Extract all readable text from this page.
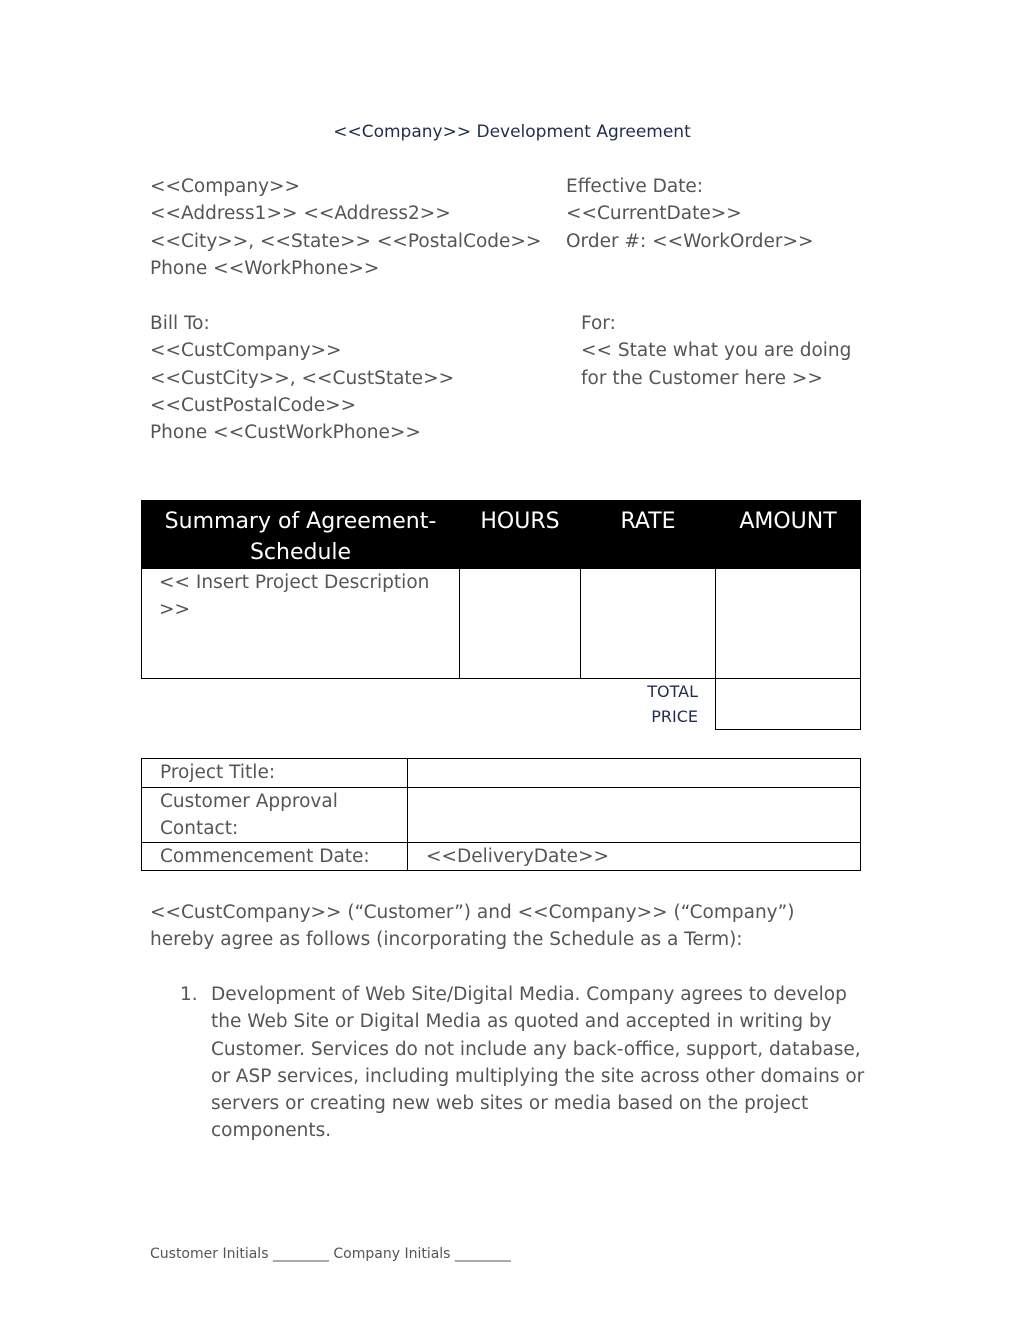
<<Company>> Development Agreement
<<Company>>
<<Address1>> <<Address2>>
<<City>>, <<State>> <<PostalCode>>
Phone <<WorkPhone>>
Effective Date:
<<CurrentDate>>
Order #: <<WorkOrder>>
Bill To:
<<CustCompany>>
<<CustCity>>, <<CustState>>
<<CustPostalCode>>
Phone <<CustWorkPhone>>
For:
<< State what you are doing
for the Customer here >>
Summary of Agreement-Schedule	HOURS	RATE	AMOUNT
<< Insert Project Description >>			
TOTAL PRICE
Project Title:	
Customer Approval Contact:	
Commencement Date:	<<DeliveryDate>>
<<CustCompany>> (“Customer”) and <<Company>> (“Company”) hereby agree as follows (incorporating the Schedule as a Term):
1. Development of Web Site/Digital Media. Company agrees to develop the Web Site or Digital Media as quoted and accepted in writing by Customer. Services do not include any back-office, support, database, or ASP services, including multiplying the site across other domains or servers or creating new web sites or media based on the project components.
Customer Initials ________ Company Initials ________
